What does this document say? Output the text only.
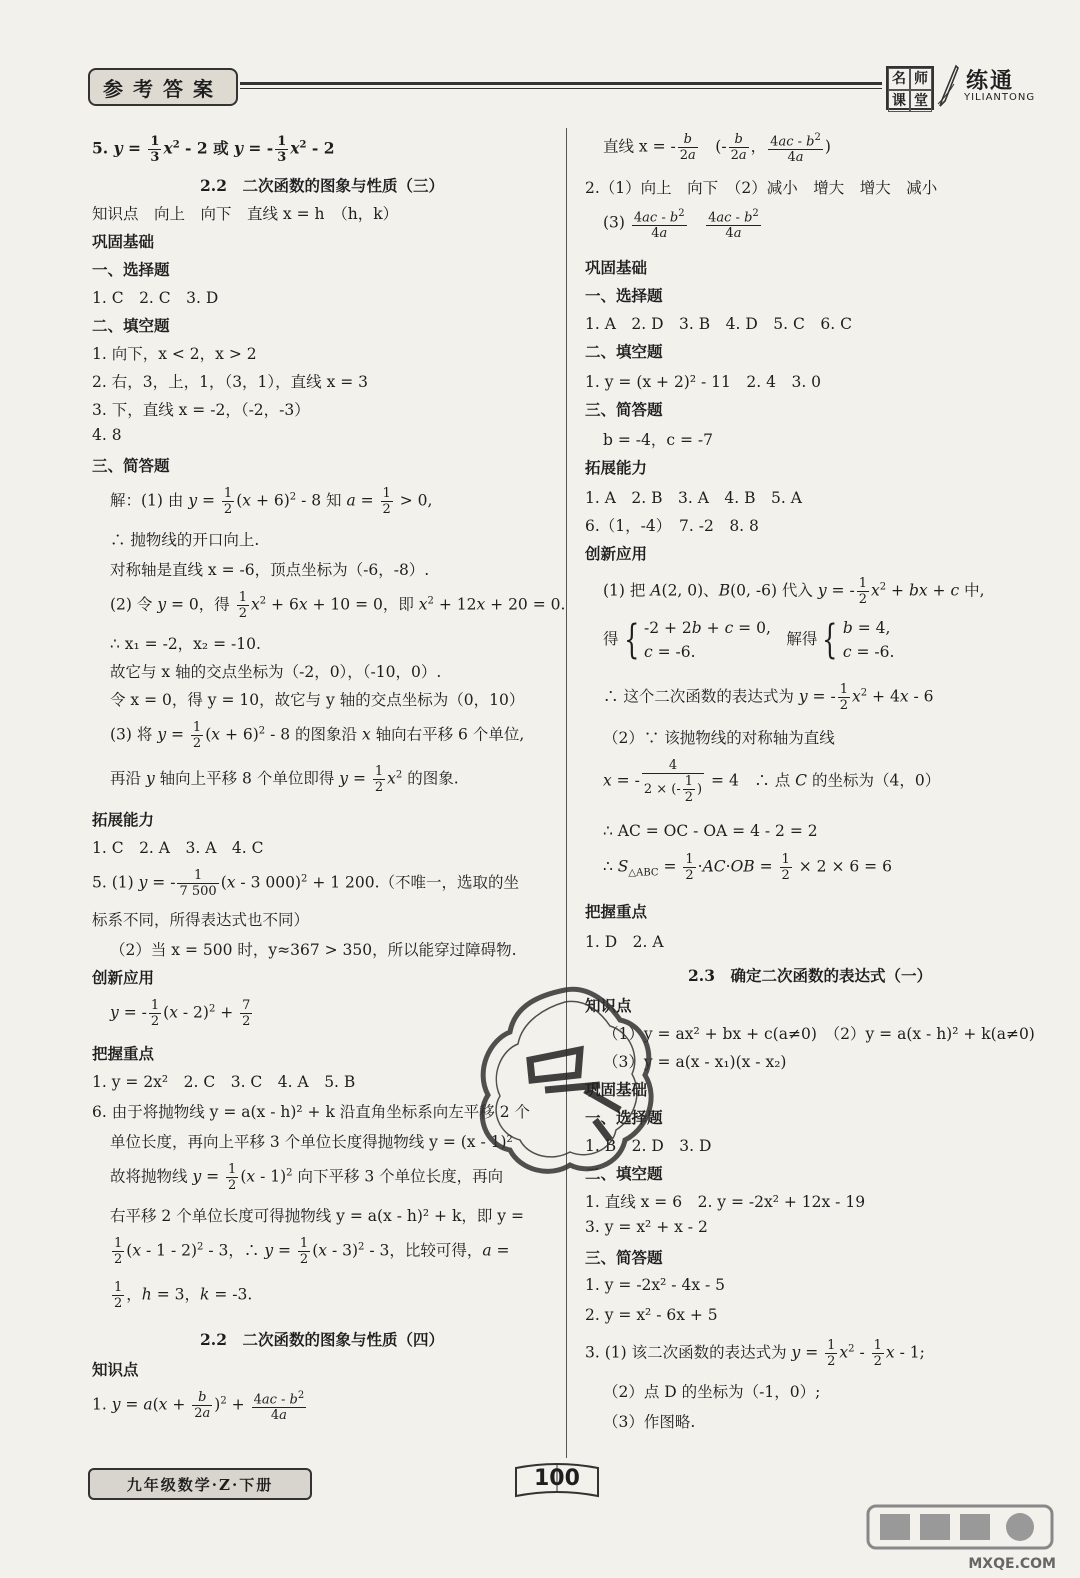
参考答案	名 师
课 堂
练通
YILIANTONG
5. $y = \frac{1}{3} x^2 - 2$ 或 y = - $\frac{1}{3} x^2 - 2$
2.2　二次函数的图象与性质（三）
知识点　向上　向下　直线 x = h　（h，k）
巩固基础
一、选择题
1. C　2. C　3. D
二、填空题
1. 向下，x < 2，x > 2
2. 右，3，上，1，（3，1），直线 x = 3
3. 下，直线 x = -2，（-2，-3）
4. 8
三、简答题
解：(1) 由 $y = \frac{1}{2} (x + 6)^2 - 8$ 知 $a = \frac{1}{2} > 0$,
∴ 抛物线的开口向上.
对称轴是直线 x = -6，顶点坐标为（-6，-8）.
(2) 令 y = 0，得 $\frac{1}{2} x^2 + 6x + 10 = 0$，即 $x^2 + 12x + 20 = 0$.
∴ x₁ = -2，x₂ = -10.
故它与 x 轴的交点坐标为（-2，0），（-10，0）.
令 x = 0，得 y = 10，故它与 y 轴的交点坐标为（0，10）
(3) 将 $y = \frac{1}{2} (x + 6)^2 - 8$ 的图象沿 x 轴向右平移 6 个单位,
再沿 y 轴向上平移 8 个单位即得 $y = \frac{1}{2} x^2$ 的图象.
拓展能力
1. C　2. A　3. A　4. C
5. (1) y = - $\frac{1}{7 500} (x - 3$ 000)$^2$ + 1 200.（不唯一，选取的坐
标系不同，所得表达式也不同）
（2）当 x = 500 时，y≈367 > 350，所以能穿过障碍物.
创新应用
y = - $\frac{1}{2} (x - 2)^2 + \frac{7}{2}$
把握重点
1. y = 2x²　2. C　3. C　4. A　5. B
6. 由于将抛物线 y = a(x - h)² + k 沿直角坐标系向左平移 2 个
单位长度，再向上平移 3 个单位长度得抛物线 y = (x - 1)²
故将抛物线 $y = \frac{1}{2} (x - 1)^2$ 向下平移 3 个单位长度，再向
右平移 2 个单位长度可得抛物线 y = a(x - h)² + k，即 y =
$\frac{1}{2} (x - 1 - 2)^2 - 3$，∴ $y = \frac{1}{2} (x - 3)^2 - 3$，比较可得，a =
$\frac{1}{2}$ ，h = 3，k = -3.
2.2　二次函数的图象与性质（四）
知识点
1. $y = a(x + \frac{b}{2a} )^2 + \frac{4ac - b^2}{4a}$
直线 x = - $\frac{b}{2a}$ 　(- $\frac{b}{2a}$ ， $\frac{4ac - b^2}{4a}$ )
2.（1）向上　向下　（2）减小　增大　增大　减小
$(3) \frac{4ac - b^2}{4a}$
　 $\frac{4ac - b^2}{4a}$
巩固基础
一、选择题
1. A　2. D　3. B　4. D　5. C　6. C
二、填空题
1. y = (x + 2)² - 11　2. 4　3. 0
三、简答题
b = -4，c = -7
拓展能力
1. A　2. B　3. A　4. B　5. A
6.（1，-4）　7. -2　8. 8
创新应用
(1) 把 A(2, 0)、B(0, -6) 代入 y = - $\frac{1}{2} x^2$ + bx + c 中,
得 { -2 + 2b + c = 0,
c = -6.　解得 { b = 4,
c = -6.
∴ 这个二次函数的表达式为 y = - $\frac{1}{2} x^2 + 4x - 6$
（2）∵ 该抛物线的对称轴为直线
x = - $\frac{4}{2 \times (- \frac{1}{2} )} = 4$　∴ 点 C 的坐标为（4，0）
∴ AC = OC - OA = 4 - 2 = 2
∴ $S_{\triangle ABC} = \frac{1}{2} \cdot AC\cdot OB = \frac{1}{2} \times 2 \times 6 = 6$
把握重点
1. D　2. A
2.3　确定二次函数的表达式（一）
知识点
（1）y = ax² + bx + c(a≠0)　（2）y = a(x - h)² + k(a≠0)
（3）y = a(x - x₁)(x - x₂)
巩固基础
一、选择题
1. B　2. D　3. D
二、填空题
1. 直线 x = 6　2. y = -2x² + 12x - 19
3. y = x² + x - 2
三、简答题
1. y = -2x² - 4x - 5
2. y = x² - 6x + 5
3. (1) 该二次函数的表达式为 $y = \frac{1}{2} x^2 - \frac{1}{2}$ x - 1;
（2）点 D 的坐标为（-1，0）;
（3）作图略.
九年级数学·Z·下册	100
MXQE.COM
